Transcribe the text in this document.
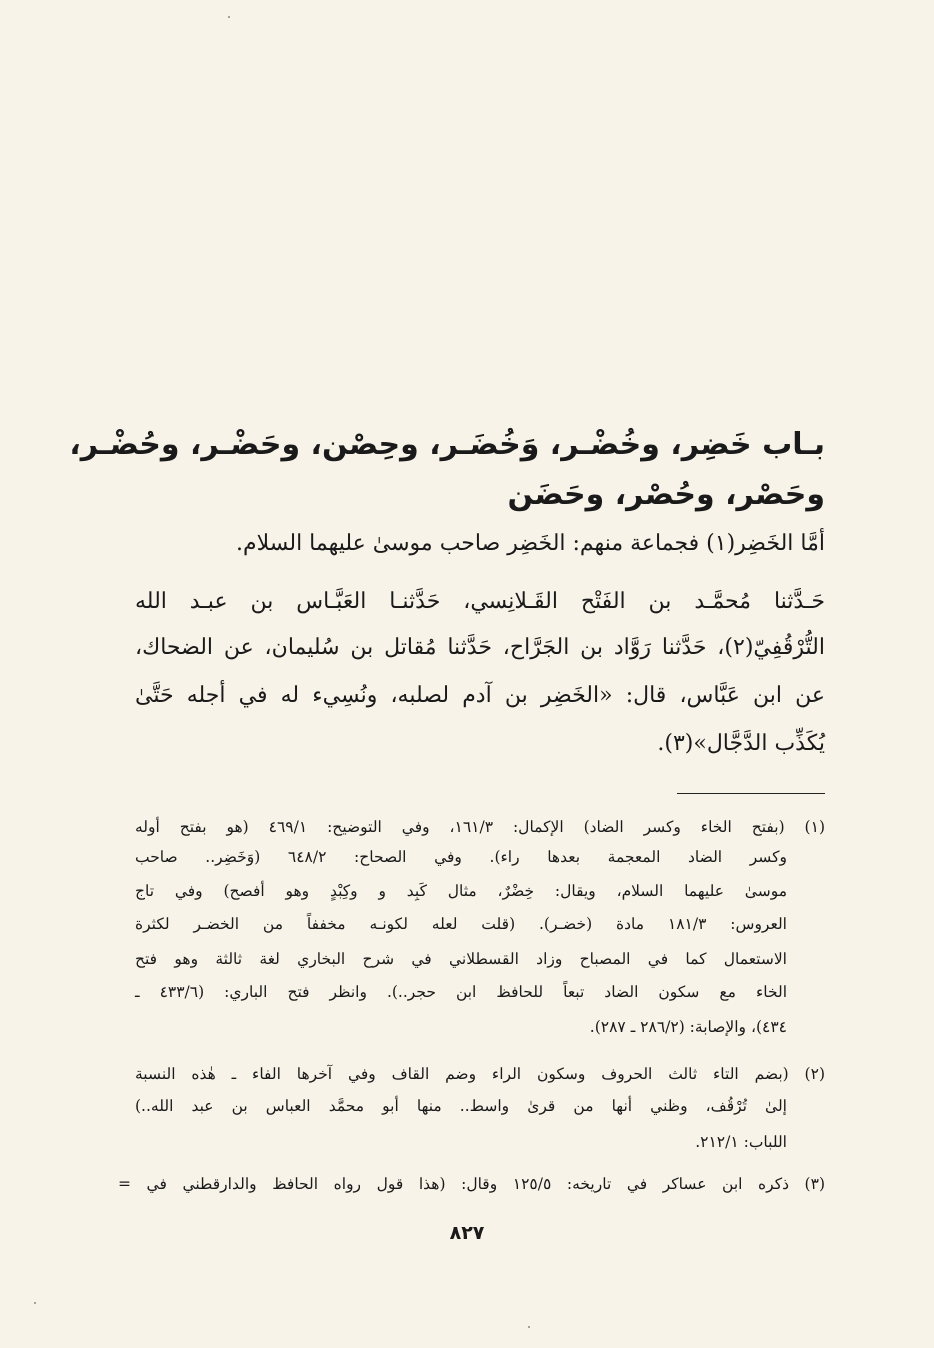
بـاب خَضِر، وخُضْـر، وَخُضَـر، وحِصْن، وحَضْـر، وحُضْـر،
وحَصْر، وحُصْر، وحَضَن
أمَّا الخَضِر(١) فجماعة منهم: الخَضِر صاحب موسىٰ عليهما السلام.
حَـدَّثنا مُحمَّـد بن الفَتْح القَـلانِسي، حَدَّثنـا العَبَّـاس بن عبـد الله
التُّرْقُفِيّ(٢)، حَدَّثنا رَوَّاد بن الجَرَّاح، حَدَّثنا مُقاتل بن سُليمان، عن الضحاك،
عن ابن عَبَّاس، قال: «الخَضِر بن آدم لصلبه، ونُسِيء له في أجله حَتَّىٰ
يُكَذِّب الدَّجَّال»(٣).
(١) (بفتح الخاء وكسر الضاد) الإكمال: ١٦١/٣، وفي التوضيح: ٤٦٩/١ (هو بفتح أوله
وكسر الضاد المعجمة بعدها راء). وفي الصحاح: ٦٤٨/٢ (وَخَضِر.. صاحب
موسىٰ عليهما السلام، ويقال: خِضْرٌ، مثال كَبِد و وكِبْدٍ وهو أفصح) وفي تاج
العروس: ١٨١/٣ مادة (خضـر). (قلت لعله لكونـه مخففاً من الخضـر لكثرة
الاستعمال كما في المصباح وزاد القسطلاني في شرح البخاري لغة ثالثة وهو فتح
الخاء مع سكون الضاد تبعاً للحافظ ابن حجر..). وانظر فتح الباري: (٤٣٣/٦ ـ
٤٣٤)، والإصابة: (٢٨٦/٢ ـ ٢٨٧).
(٢) (بضم التاء ثالث الحروف وسكون الراء وضم القاف وفي آخرها الفاء ـ هٰذه النسبة
إلىٰ تُرْقُف، وظني أنها من قرىٰ واسط.. منها أبو محمَّد العباس بن عبد الله..)
اللباب: ٢١٢/١.
(٣) ذكره ابن عساكر في تاريخه: ١٢٥/٥ وقال: (هذا قول رواه الحافظ والدارقطني في =
٨٢٧
